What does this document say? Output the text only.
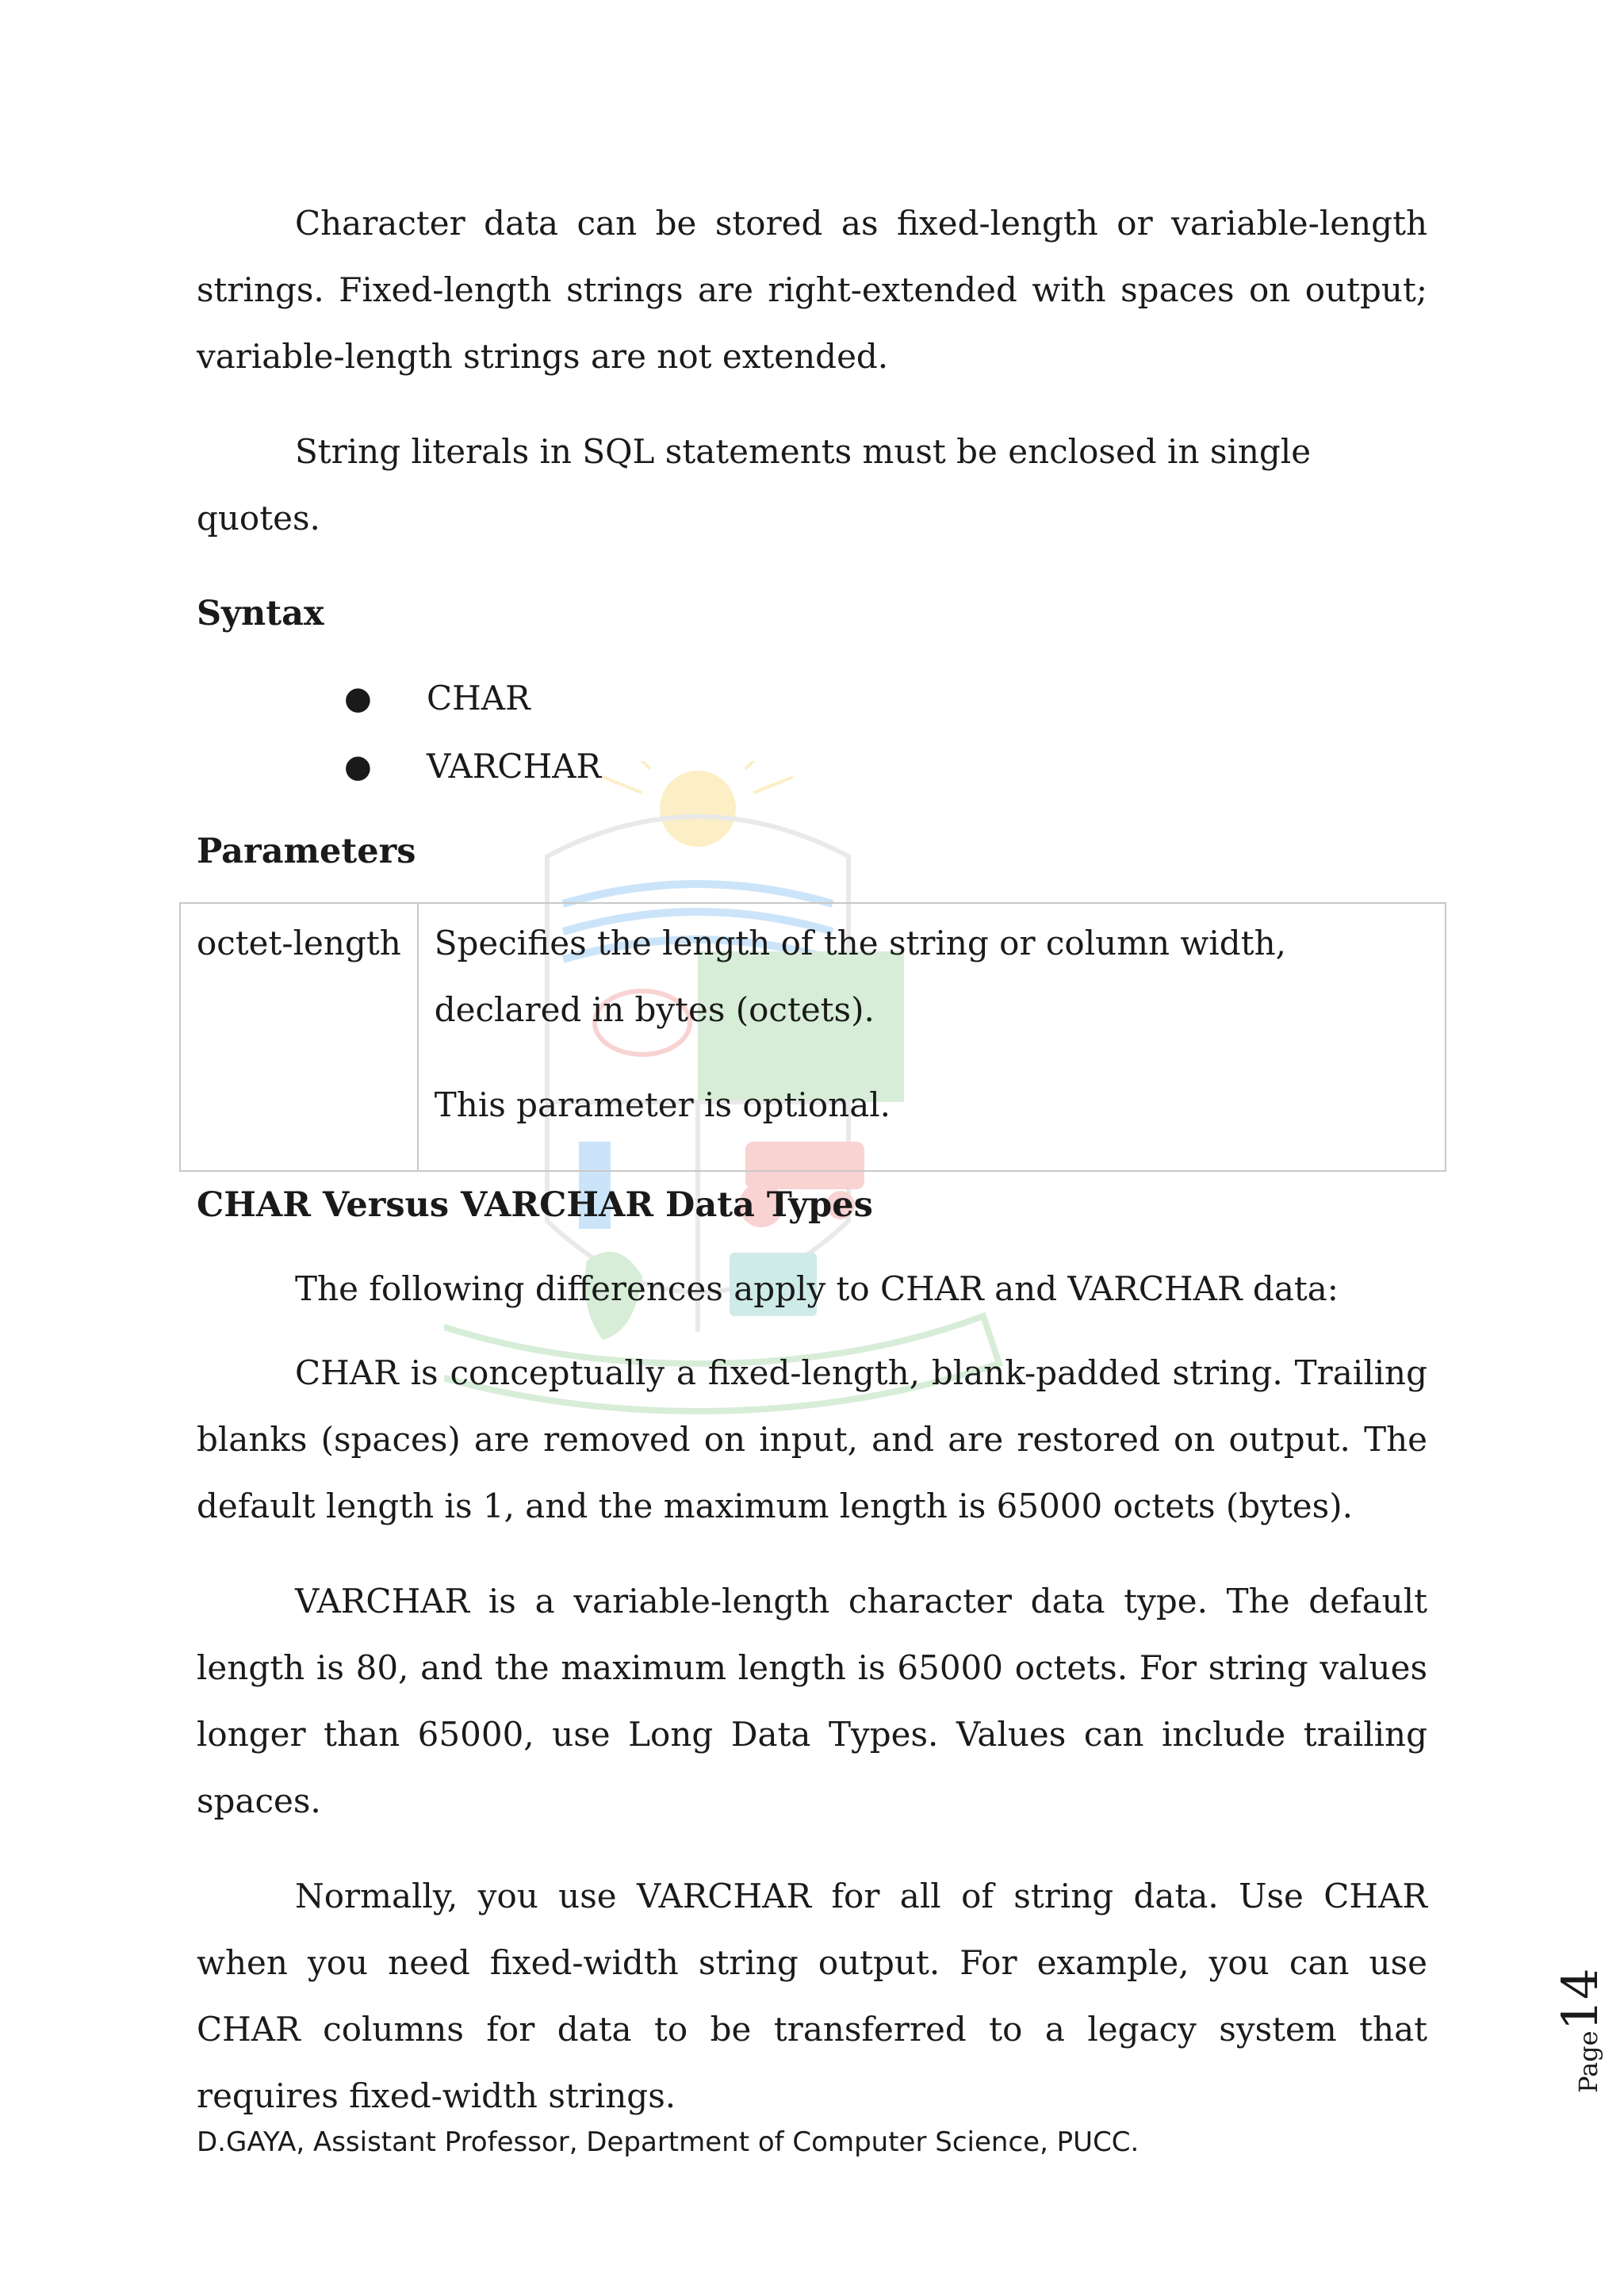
Character data can be stored as fixed-length or variable-length strings. Fixed-length strings are right-extended with spaces on output; variable-length strings are not extended.

String literals in SQL statements must be enclosed in single quotes.

Syntax
● CHAR
● VARCHAR
Parameters
octet-length	Specifies the length of the string or column width, declared in bytes (octets).

This parameter is optional.

CHAR Versus VARCHAR Data Types

The following differences apply to CHAR and VARCHAR data:

CHAR is conceptually a fixed-length, blank-padded string. Trailing blanks (spaces) are removed on input, and are restored on output. The default length is 1, and the maximum length is 65000 octets (bytes).

VARCHAR is a variable-length character data type. The default length is 80, and the maximum length is 65000 octets. For string values longer than 65000, use Long Data Types. Values can include trailing spaces.

Normally, you use VARCHAR for all of string data. Use CHAR when you need fixed-width string output. For example, you can use CHAR columns for data to be transferred to a legacy system that requires fixed-width strings.

Page14
D.GAYA, Assistant Professor, Department of Computer Science, PUCC.
